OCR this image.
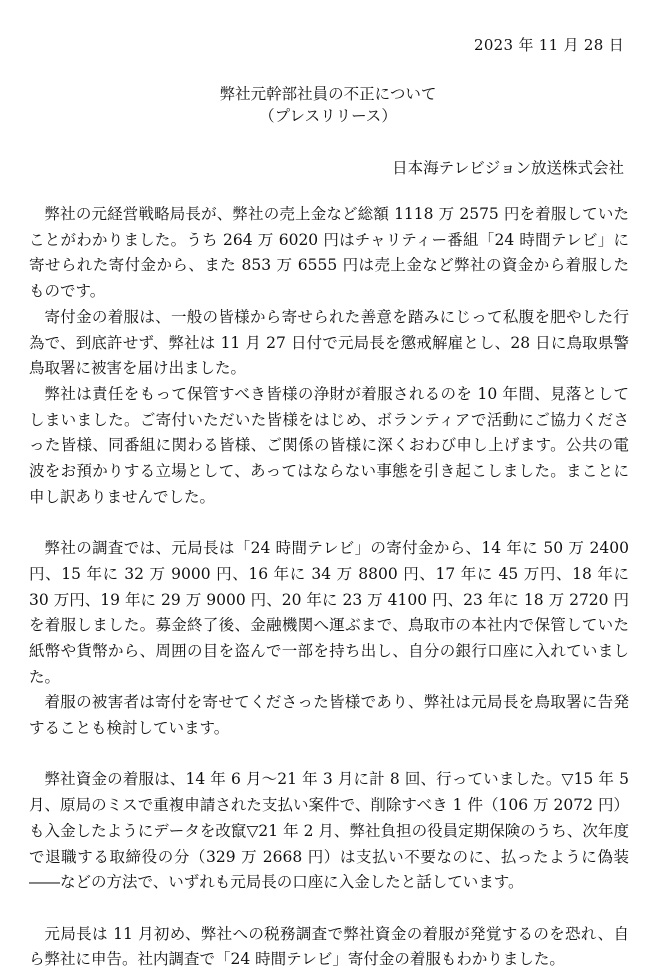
2023 年 11 月 28 日
弊社元幹部社員の不正について
（プレスリリース）
日本海テレビジョン放送株式会社

弊社の元経営戦略局長が、弊社の売上金など総額 1118 万 2575 円を着服していたことがわかりました。うち 264 万 6020 円はチャリティー番組「24 時間テレビ」に寄せられた寄付金から、また 853 万 6555 円は売上金など弊社の資金から着服したものです。

寄付金の着服は、一般の皆様から寄せられた善意を踏みにじって私腹を肥やした行為で、到底許せず、弊社は 11 月 27 日付で元局長を懲戒解雇とし、28 日に鳥取県警鳥取署に被害を届け出ました。

弊社は責任をもって保管すべき皆様の浄財が着服されるのを 10 年間、見落としてしまいました。ご寄付いただいた皆様をはじめ、ボランティアで活動にご協力くださった皆様、同番組に関わる皆様、ご関係の皆様に深くおわび申し上げます。公共の電波をお預かりする立場として、あってはならない事態を引き起こしました。まことに申し訳ありませんでした。

弊社の調査では、元局長は「24 時間テレビ」の寄付金から、14 年に 50 万 2400 円、15 年に 32 万 9000 円、16 年に 34 万 8800 円、17 年に 45 万円、18 年に 30 万円、19 年に 29 万 9000 円、20 年に 23 万 4100 円、23 年に 18 万 2720 円を着服しました。募金終了後、金融機関へ運ぶまで、鳥取市の本社内で保管していた紙幣や貨幣から、周囲の目を盗んで一部を持ち出し、自分の銀行口座に入れていました。

着服の被害者は寄付を寄せてくださった皆様であり、弊社は元局長を鳥取署に告発することも検討しています。

弊社資金の着服は、14 年 6 月～21 年 3 月に計 8 回、行っていました。▽15 年 5 月、原局のミスで重複申請された支払い案件で、削除すべき 1 件（106 万 2072 円）も入金したようにデータを改竄▽21 年 2 月、弊社負担の役員定期保険のうち、次年度で退職する取締役の分（329 万 2668 円）は支払い不要なのに、払ったように偽装――などの方法で、いずれも元局長の口座に入金したと話しています。

元局長は 11 月初め、弊社への税務調査で弊社資金の着服が発覚するのを恐れ、自ら弊社に申告。社内調査で「24 時間テレビ」寄付金の着服もわかりました。
